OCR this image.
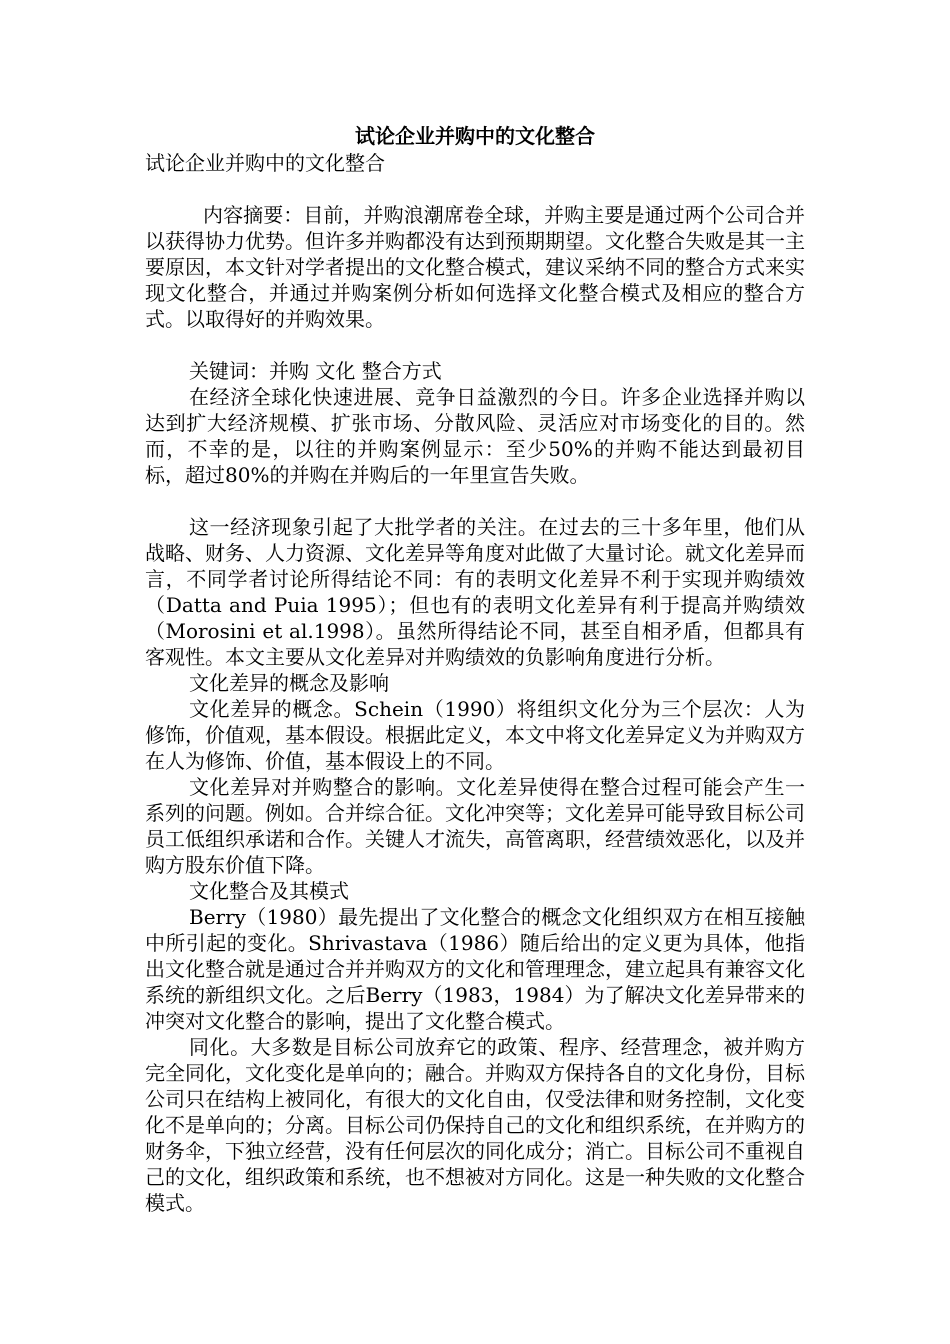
试论企业并购中的文化整合

试论企业并购中的文化整合

内容摘要：目前，并购浪潮席卷全球，并购主要是通过两个公司合并以获得协力优势。但许多并购都没有达到预期期望。文化整合失败是其一主要原因，本文针对学者提出的文化整合模式，建议采纳不同的整合方式来实现文化整合，并通过并购案例分析如何选择文化整合模式及相应的整合方式。以取得好的并购效果。

关键词：并购 文化 整合方式

在经济全球化快速进展、竞争日益激烈的今日。许多企业选择并购以达到扩大经济规模、扩张市场、分散风险、灵活应对市场变化的目的。然而，不幸的是，以往的并购案例显示：至少50%的并购不能达到最初目标，超过80%的并购在并购后的一年里宣告失败。

这一经济现象引起了大批学者的关注。在过去的三十多年里，他们从战略、财务、人力资源、文化差异等角度对此做了大量讨论。就文化差异而言，不同学者讨论所得结论不同：有的表明文化差异不利于实现并购绩效（Datta and Puia 1995）；但也有的表明文化差异有利于提高并购绩效（Morosini et al.1998）。虽然所得结论不同，甚至自相矛盾，但都具有客观性。本文主要从文化差异对并购绩效的负影响角度进行分析。

文化差异的概念及影响

文化差异的概念。Schein（1990）将组织文化分为三个层次：人为修饰，价值观，基本假设。根据此定义，本文中将文化差异定义为并购双方在人为修饰、价值，基本假设上的不同。

文化差异对并购整合的影响。文化差异使得在整合过程可能会产生一系列的问题。例如。合并综合征。文化冲突等；文化差异可能导致目标公司员工低组织承诺和合作。关键人才流失，高管离职，经营绩效恶化，以及并购方股东价值下降。

文化整合及其模式

Berry（1980）最先提出了文化整合的概念文化组织双方在相互接触中所引起的变化。Shrivastava（1986）随后给出的定义更为具体，他指出文化整合就是通过合并并购双方的文化和管理理念，建立起具有兼容文化系统的新组织文化。之后Berry（1983，1984）为了解决文化差异带来的冲突对文化整合的影响，提出了文化整合模式。

同化。大多数是目标公司放弃它的政策、程序、经营理念，被并购方完全同化，文化变化是单向的；融合。并购双方保持各自的文化身份，目标公司只在结构上被同化，有很大的文化自由，仅受法律和财务控制，文化变化不是单向的；分离。目标公司仍保持自己的文化和组织系统，在并购方的财务伞，下独立经营，没有任何层次的同化成分；消亡。目标公司不重视自己的文化，组织政策和系统，也不想被对方同化。这是一种失败的文化整合模式。
